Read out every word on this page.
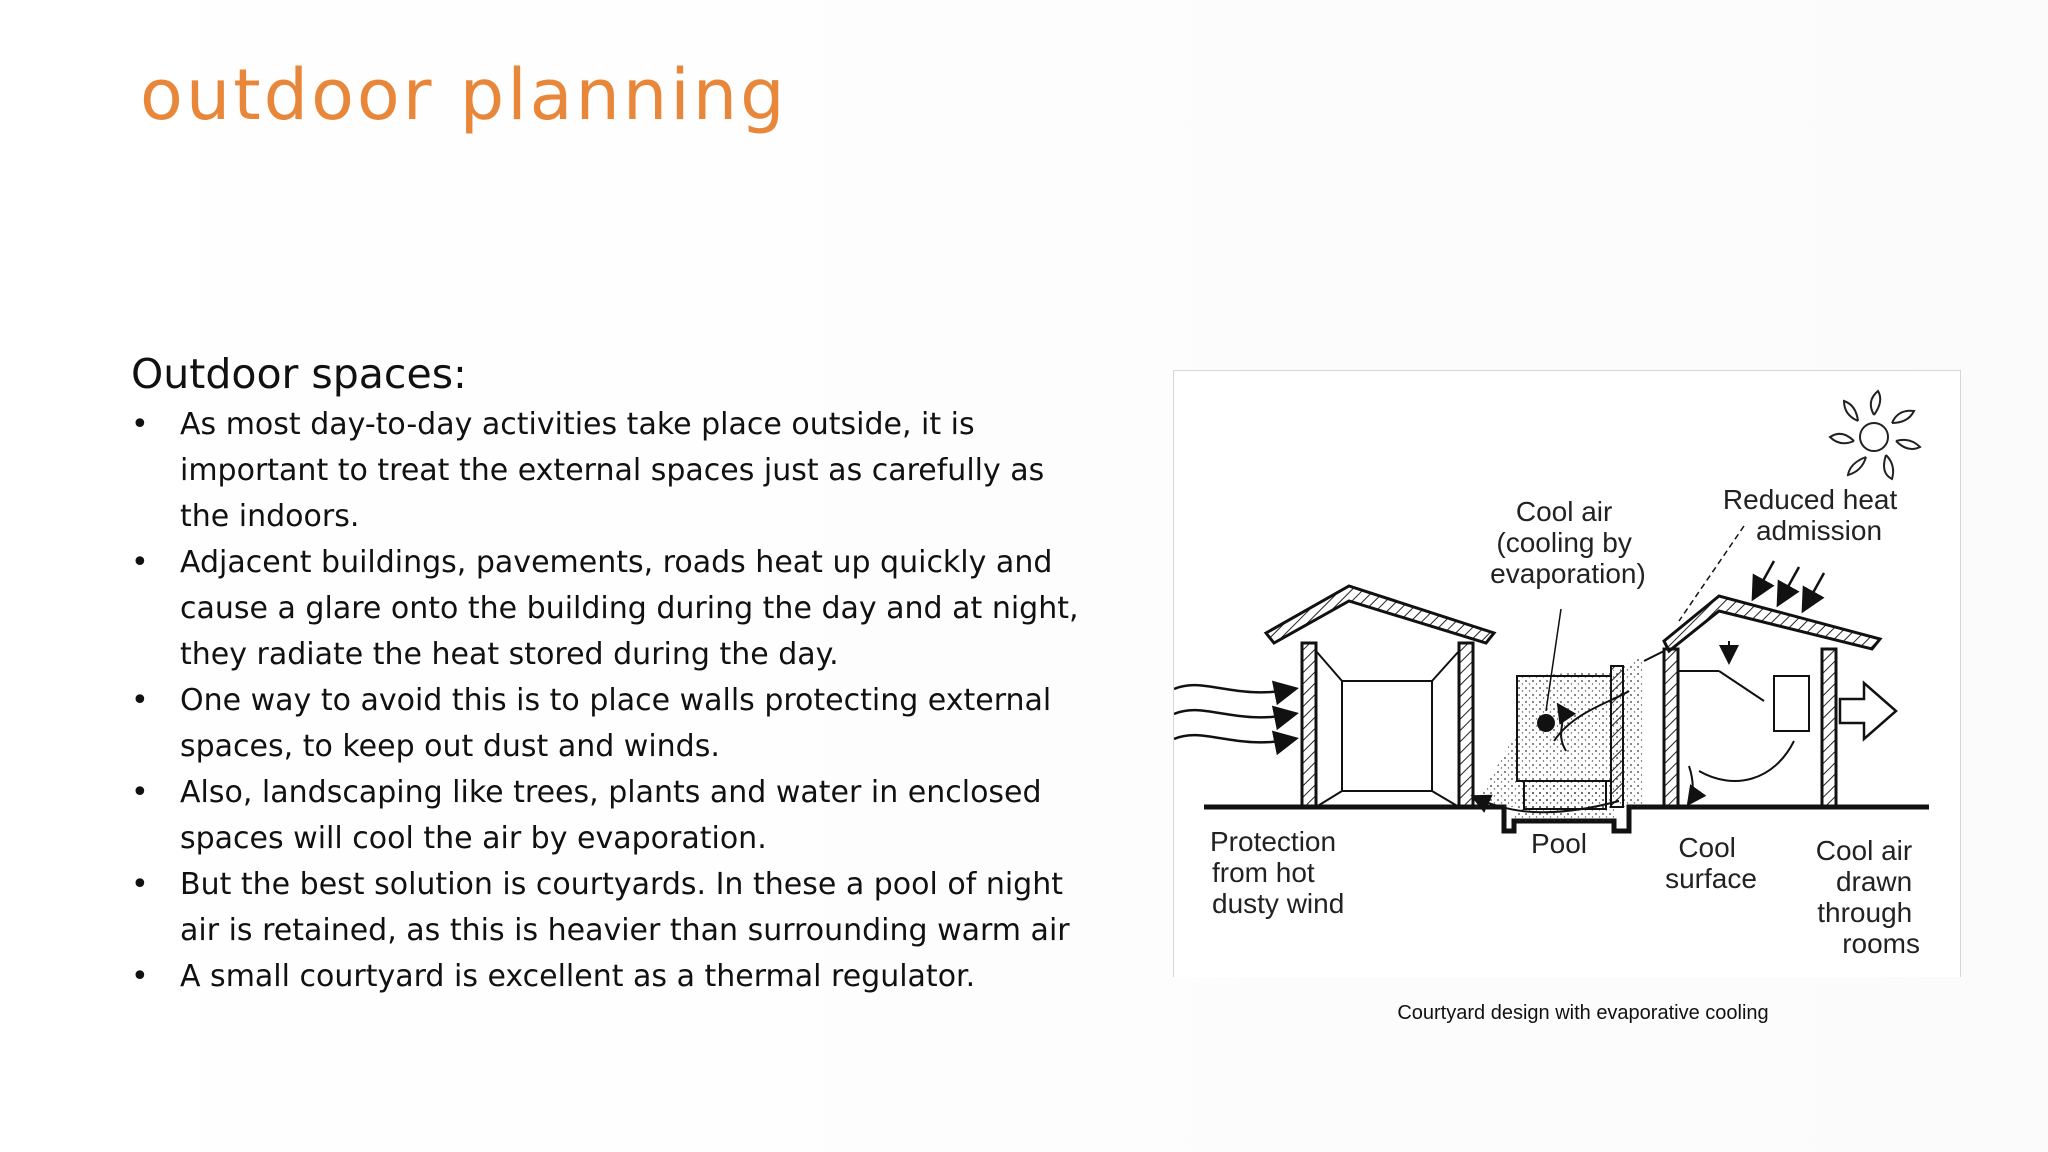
outdoor planning
Outdoor spaces:
• As most day-to-day activities take place outside, it is important to treat the external spaces just as carefully as the indoors.
• Adjacent buildings, pavements, roads heat up quickly and cause a glare onto the building during the day and at night, they radiate the heat stored during the day.
• One way to avoid this is to place walls protecting external spaces, to keep out dust and winds.
• Also, landscaping like trees, plants and water in enclosed spaces will cool the air by evaporation.
• But the best solution is courtyards. In these a pool of night air is retained, as this is heavier than surrounding warm air
• A small courtyard is excellent as a thermal regulator.
Cool air (cooling by evaporation)
Reduced heat admission
Protection from hot dusty wind
Pool	Cool surface
Cool air drawn through rooms
Courtyard design with evaporative cooling
